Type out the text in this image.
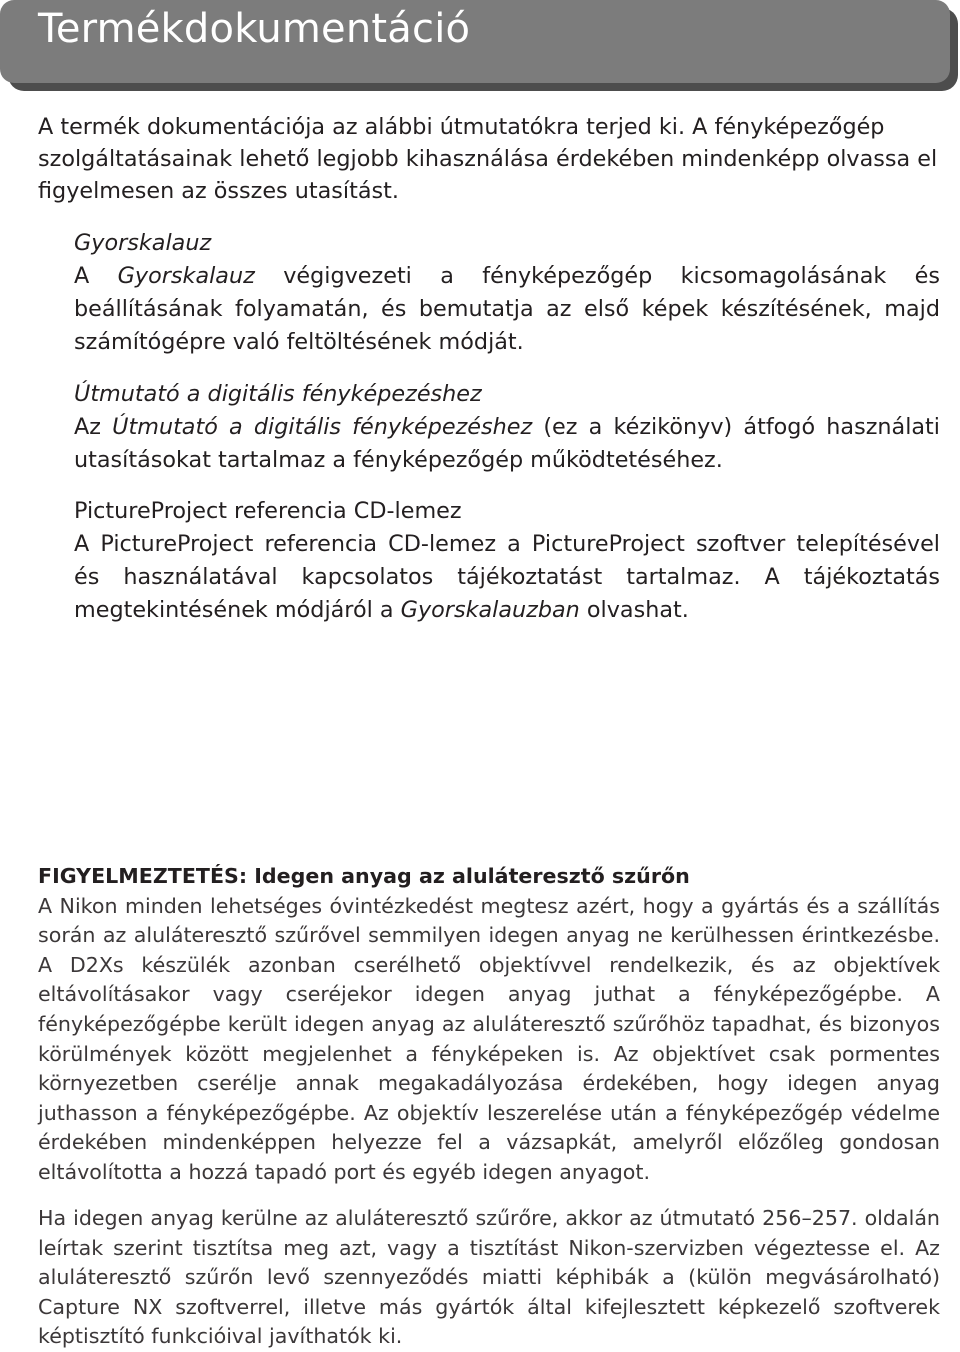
Termékdokumentáció

A termék dokumentációja az alábbi útmutatókra terjed ki. A fényképezőgép szolgáltatásainak lehető legjobb kihasználása érdekében mindenképp olvassa el figyelmesen az összes utasítást.

Gyorskalauz
A Gyorskalauz végigvezeti a fényképezőgép kicsomagolásának és beállításának folyamatán, és bemutatja az első képek készítésének, majd számítógépre való feltöltésének módját.
Útmutató a digitális fényképezéshez
Az Útmutató a digitális fényképezéshez (ez a kézikönyv) átfogó használati utasításokat tartalmaz a fényképezőgép működtetéséhez.
PictureProject referencia CD-lemez
A PictureProject referencia CD-lemez a PictureProject szoftver telepítésével és használatával kapcsolatos tájékoztatást tartalmaz. A tájékoztatás megtekintésének módjáról a Gyorskalauzban olvashat.
FIGYELMEZTETÉS: Idegen anyag az aluláteresztő szűrőn
A Nikon minden lehetséges óvintézkedést megtesz azért, hogy a gyártás és a szállítás során az aluláteresztő szűrővel semmilyen idegen anyag ne kerülhessen érintkezésbe. A D2Xs készülék azonban cserélhető objektívvel rendelkezik, és az objektívek eltávolításakor vagy cseréjekor idegen anyag juthat a fényképezőgépbe. A fényképezőgépbe került idegen anyag az aluláteresztő szűrőhöz tapadhat, és bizonyos körülmények között megjelenhet a fényképeken is. Az objektívet csak pormentes környezetben cserélje annak megakadályozása érdekében, hogy idegen anyag juthasson a fényképezőgépbe. Az objektív leszerelése után a fényképezőgép védelme érdekében mindenképpen helyezze fel a vázsapkát, amelyről előzőleg gondosan eltávolította a hozzá tapadó port és egyéb idegen anyagot.

Ha idegen anyag kerülne az aluláteresztő szűrőre, akkor az útmutató 256–257. oldalán leírtak szerint tisztítsa meg azt, vagy a tisztítást Nikon-szervizben végeztesse el. Az aluláteresztő szűrőn levő szennyeződés miatti képhibák a (külön megvásárolható) Capture NX szoftverrel, illetve más gyártók által kifejlesztett képkezelő szoftverek képtisztító funkcióival javíthatók ki.
